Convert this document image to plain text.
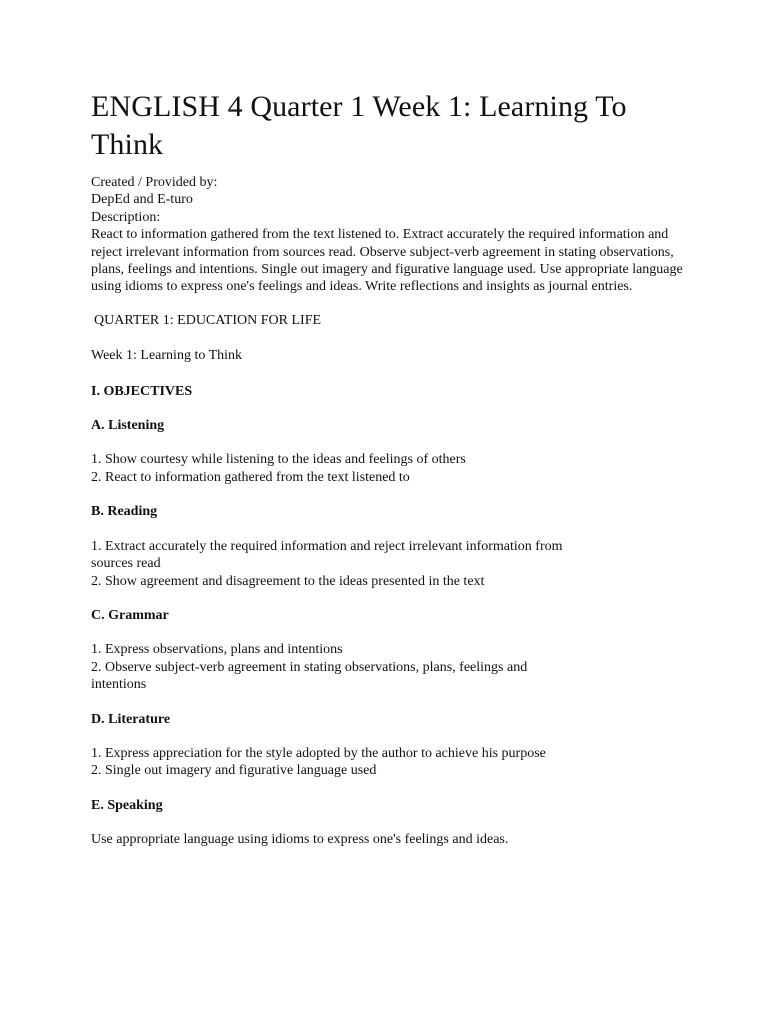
ENGLISH 4 Quarter 1 Week 1: Learning To Think
Created / Provided by:
DepEd and E-turo
Description:

React to information gathered from the text listened to. Extract accurately the required information and reject irrelevant information from sources read. Observe subject-verb agreement in stating observations, plans, feelings and intentions. Single out imagery and figurative language used. Use appropriate language using idioms to express one's feelings and ideas. Write reflections and insights as journal entries.

QUARTER 1: EDUCATION FOR LIFE

Week 1: Learning to Think

I. OBJECTIVES

A. Listening

1. Show courtesy while listening to the ideas and feelings of others
2. React to information gathered from the text listened to

B. Reading

1. Extract accurately the required information and reject irrelevant information from sources read
2. Show agreement and disagreement to the ideas presented in the text

C. Grammar

1. Express observations, plans and intentions
2. Observe subject-verb agreement in stating observations, plans, feelings and intentions

D. Literature

1. Express appreciation for the style adopted by the author to achieve his purpose
2. Single out imagery and figurative language used

E. Speaking

Use appropriate language using idioms to express one's feelings and ideas.
